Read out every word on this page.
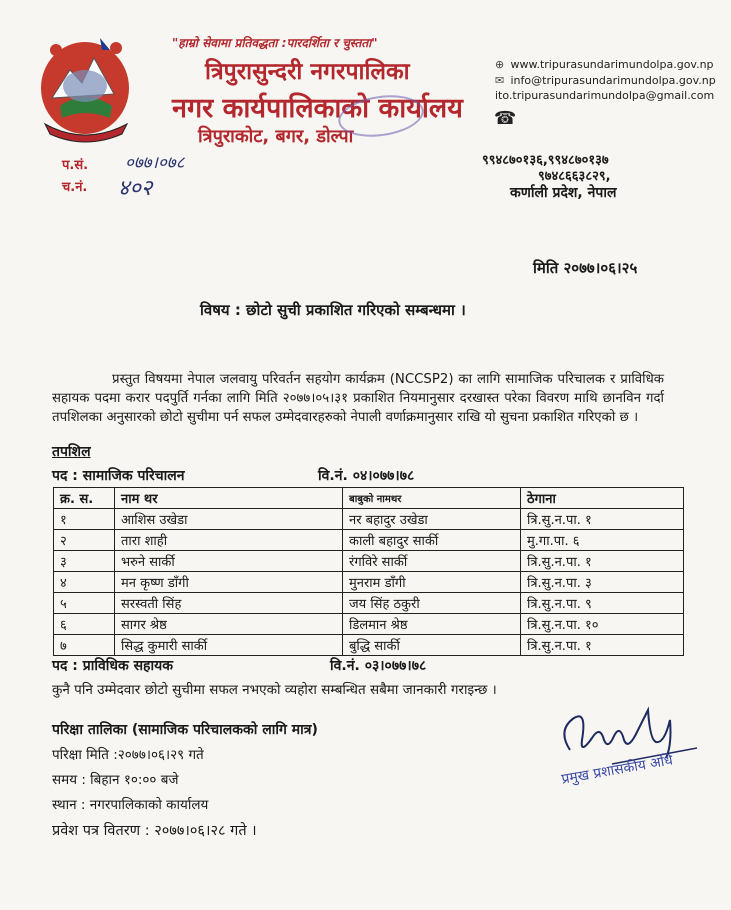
"हाम्रो सेवामा प्रतिवद्धता :पारदर्शिता र चुस्तता"
त्रिपुरासुन्दरी नगरपालिका
नगर कार्यपालिकाको कार्यालय
त्रिपुराकोट, बगर, डोल्पा
⊕ www.tripurasundarimundolpa.gov.np
✉ info@tripurasundarimundolpa.gov.np
ito.tripurasundarimundolpa@gmail.com
☎
९९४८७०१३६,९९४८७०१३७
९७४८६६३८२९,
कर्णाली प्रदेश, नेपाल
प.सं. ०७७।०७८
च.नं. ४०२
मिति २०७७।०६।२५
विषय : छोटो सुची प्रकाशित गरिएको सम्बन्धमा ।
प्रस्तुत विषयमा नेपाल जलवायु परिवर्तन सहयोग कार्यक्रम (NCCSP2) का लागि सामाजिक परिचालक र प्राविधिक सहायक पदमा करार पदपुर्ति गर्नका लागि मिति २०७७।०५।३१ प्रकाशित नियमानुसार दरखास्त परेका विवरण माथि छानविन गर्दा तपशिलका अनुसारको छोटो सुचीमा पर्न सफल उम्मेदवारहरुको नेपाली वर्णाक्रमानुसार राखि यो सुचना प्रकाशित गरिएको छ ।
तपशिल
पद : सामाजिक परिचालन	वि.नं. ०४।०७७।७८
क्र. स.	नाम थर	बाबुको नामथर	ठेगाना
१	आशिस उखेडा	नर बहादुर उखेडा	त्रि.सु.न.पा. १
२	तारा शाही	काली बहादुर सार्की	मु.गा.पा. ६
३	भरुने सार्की	रंगविरे सार्की	त्रि.सु.न.पा. १
४	मन कृष्ण डाँगी	मुनराम डाँगी	त्रि.सु.न.पा. ३
५	सरस्वती सिंह	जय सिंह ठकुरी	त्रि.सु.न.पा. ९
६	सागर श्रेष्ठ	डिलमान श्रेष्ठ	त्रि.सु.न.पा. १०
७	सिद्ध कुमारी सार्की	बुद्धि सार्की	त्रि.सु.न.पा. १
पद : प्राविधिक सहायक	वि.नं. ०३।०७७।७८
कुनै पनि उम्मेदवार छोटो सुचीमा सफल नभएको व्यहोरा सम्बन्धित सबैमा जानकारी गराइन्छ ।
परिक्षा तालिका (सामाजिक परिचालकको लागि मात्र)
परिक्षा मिति :२०७७।०६।२९ गते
समय : बिहान १०:०० बजे
स्थान : नगरपालिकाको कार्यालय
प्रवेश पत्र वितरण : २०७७।०६।२८ गते ।
प्रमुख प्रशासकीय अधि
